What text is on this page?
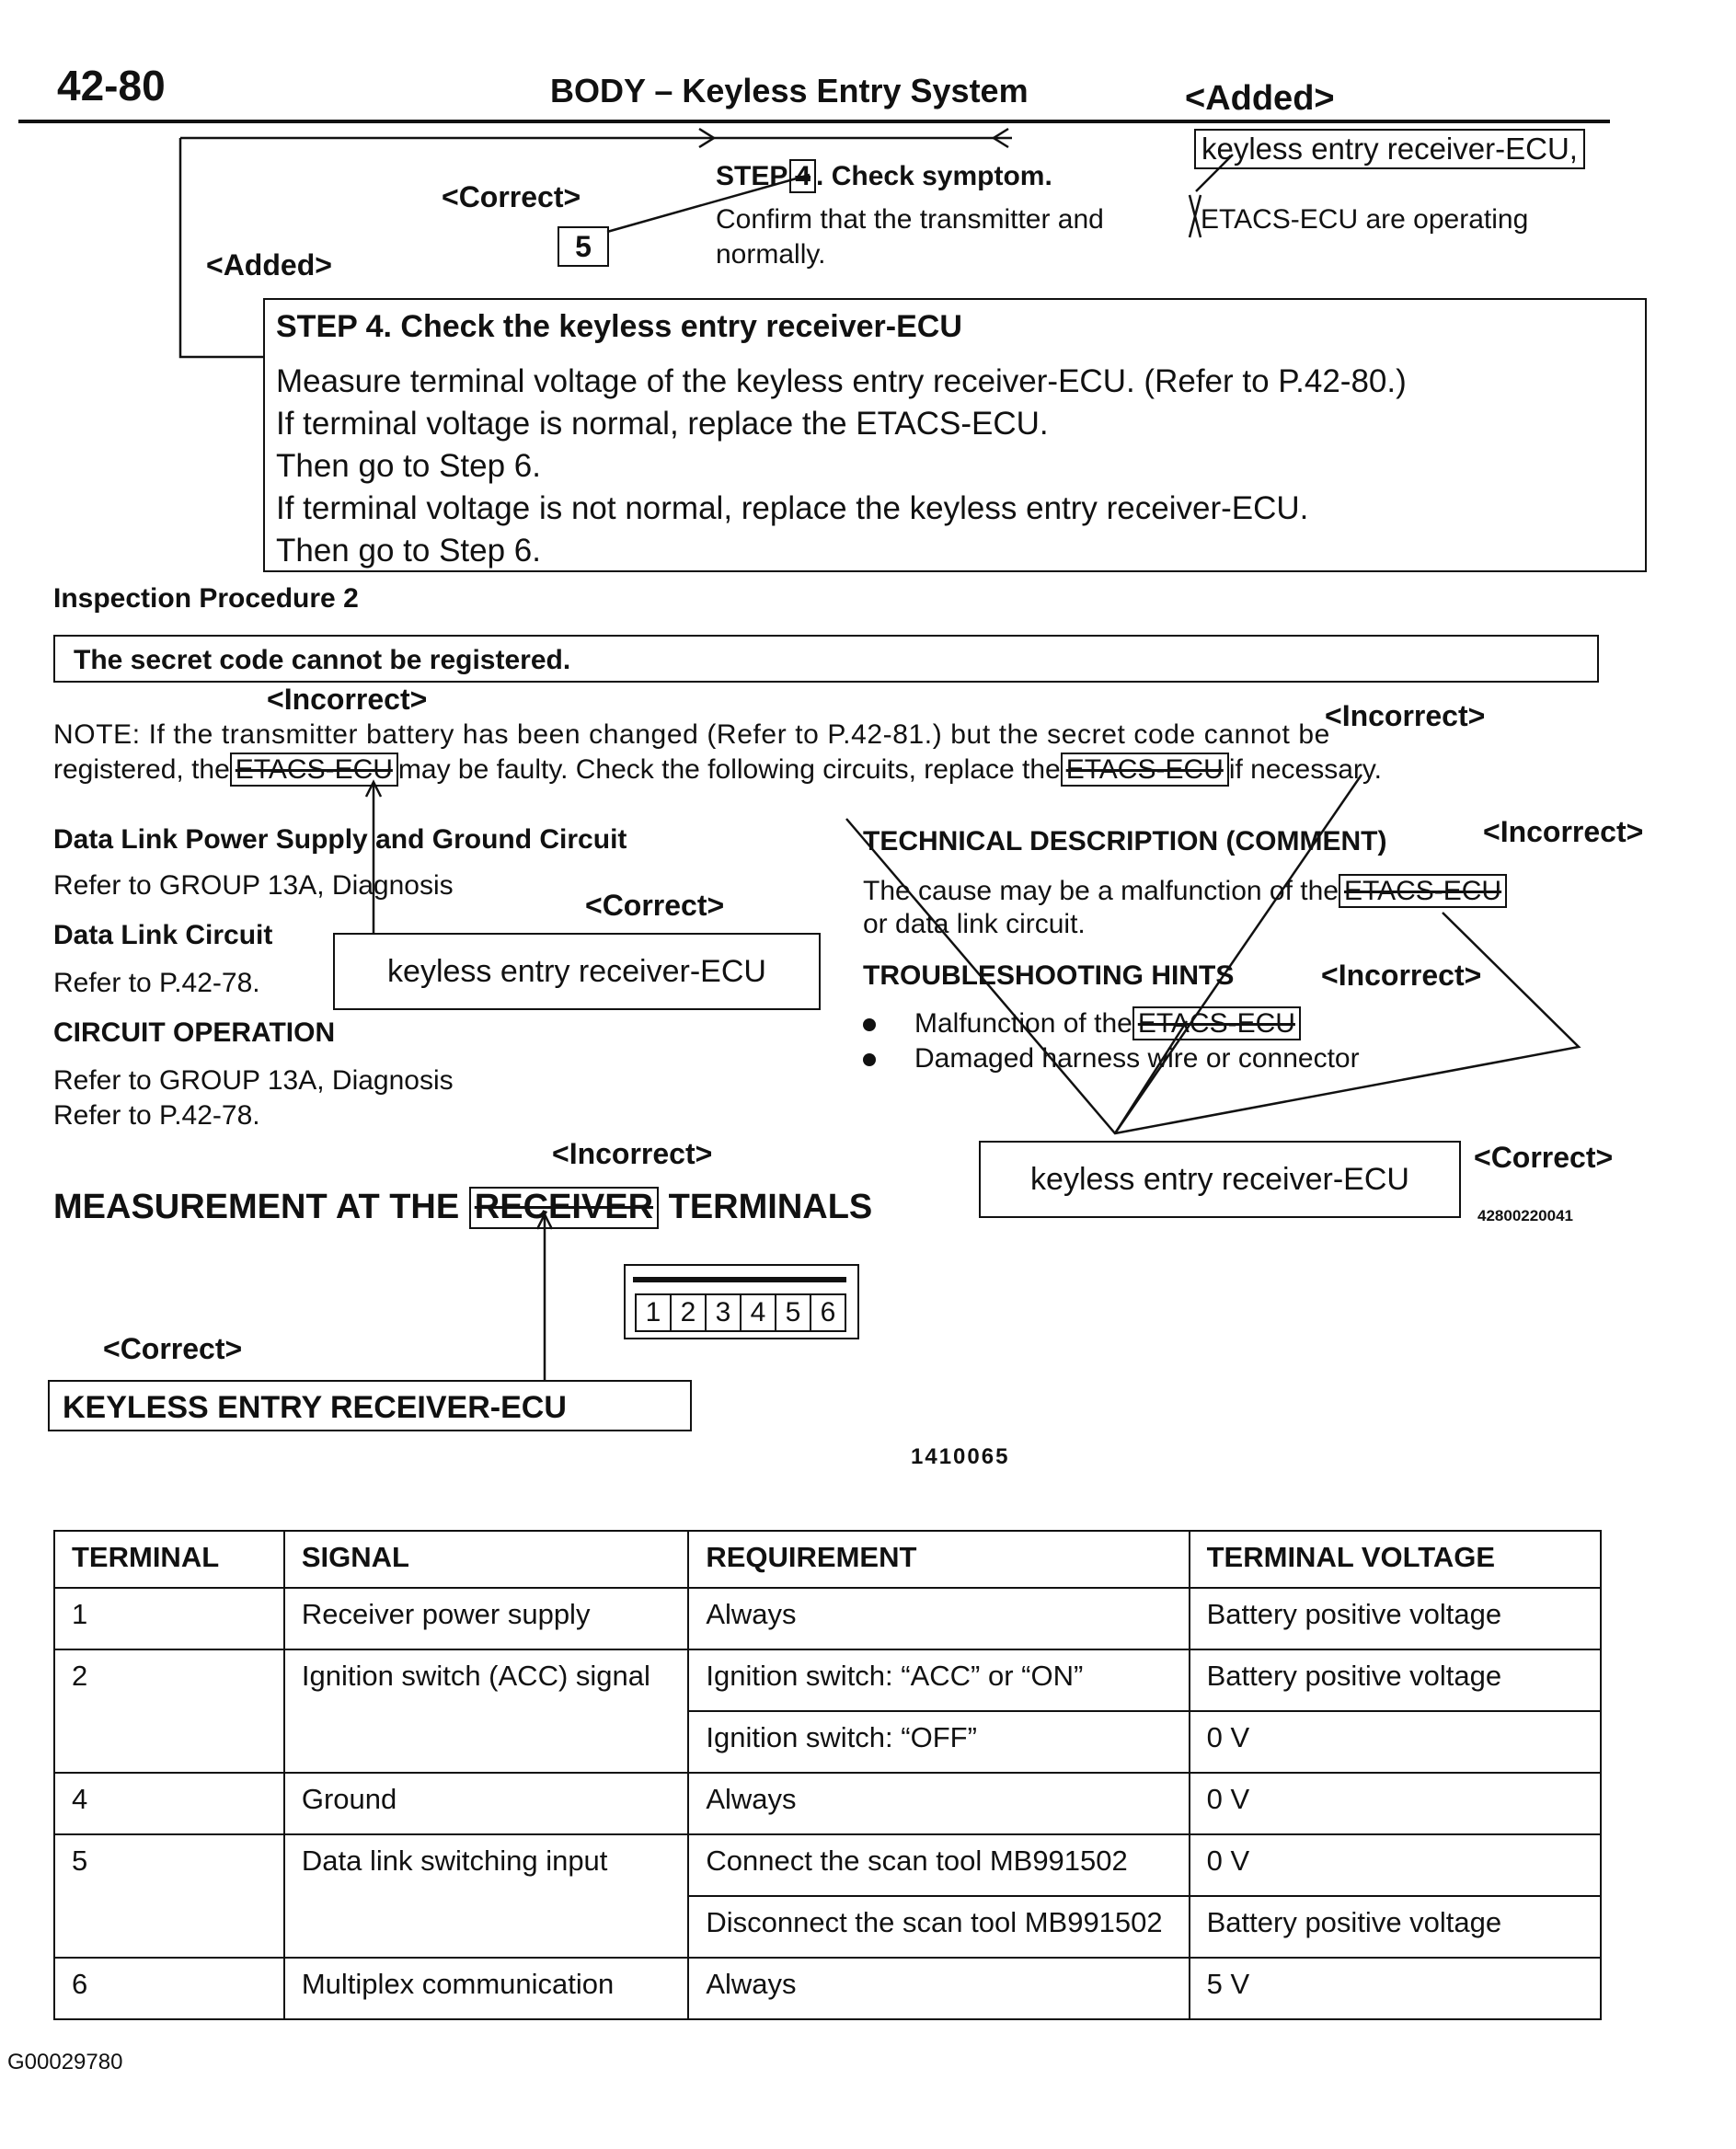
42-80	BODY – Keyless Entry System	<Added>
keyless entry receiver-ECU,
STEP 4 . Check symptom.
Confirm that the transmitter and	ETACS-ECU are operating
normally.
<Correct>
5
<Added>
STEP 4. Check the keyless entry receiver-ECU
Measure terminal voltage of the keyless entry receiver-ECU. (Refer to P.42-80.)
If terminal voltage is normal, replace the ETACS-ECU.
Then go to Step 6.
If terminal voltage is not normal, replace the keyless entry receiver-ECU.
Then go to Step 6.
Inspection Procedure 2
The secret code cannot be registered.
<Incorrect>	<Incorrect>
NOTE: If the transmitter battery has been changed (Refer to P.42-81.) but the secret code cannot be
registered, the ETACS-ECU may be faulty. Check the following circuits, replace the ETACS-ECU if necessary.
Data Link Power Supply and Ground Circuit
Refer to GROUP 13A, Diagnosis
Data Link Circuit
Refer to P.42-78.
CIRCUIT OPERATION
Refer to GROUP 13A, Diagnosis
Refer to P.42-78.
<Correct>
keyless entry receiver-ECU
TECHNICAL DESCRIPTION (COMMENT)	<Incorrect>
The cause may be a malfunction of the ETACS-ECU
or data link circuit.
TROUBLESHOOTING HINTS	<Incorrect>
Malfunction of the ETACS-ECU
Damaged harness wire or connector
keyless entry receiver-ECU
<Correct>
42800220041
<Incorrect>
MEASUREMENT AT THE RECEIVER TERMINALS
1 2 3 4 5 6
<Correct>
KEYLESS ENTRY RECEIVER-ECU
1410065
TERMINAL	SIGNAL	REQUIREMENT	TERMINAL VOLTAGE
1	Receiver power supply	Always	Battery positive voltage
2	Ignition switch (ACC) signal	Ignition switch: “ACC” or “ON”	Battery positive voltage
		Ignition switch: “OFF”	0 V
4	Ground	Always	0 V
5	Data link switching input	Connect the scan tool MB991502	0 V
		Disconnect the scan tool MB991502	Battery positive voltage
6	Multiplex communication	Always	5 V
G00029780
